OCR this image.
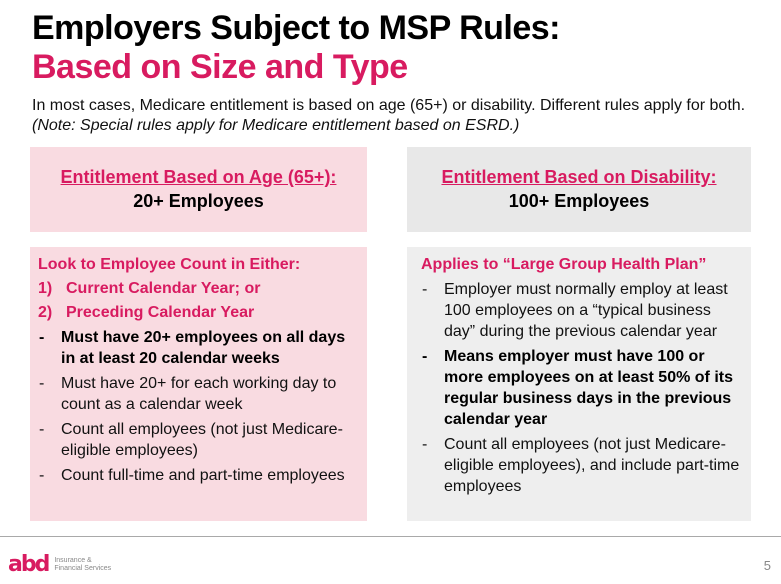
Employers Subject to MSP Rules:
Based on Size and Type
In most cases, Medicare entitlement is based on age (65+) or disability. Different rules apply for both. (Note: Special rules apply for Medicare entitlement based on ESRD.)
Entitlement Based on Age (65+):
20+ Employees
Entitlement Based on Disability:
100+ Employees
Look to Employee Count in Either:
1) Current Calendar Year; or
2) Preceding Calendar Year
-	Must have 20+ employees on all days in at least 20 calendar weeks
-	Must have 20+ for each working day to count as a calendar week
-	Count all employees (not just Medicare-eligible employees)
-	Count full-time and part-time employees
Applies to “Large Group Health Plan”
-	Employer must normally employ at least 100 employees on a “typical business day” during the previous calendar year
-	Means employer must have 100 or more employees on at least 50% of its regular business days in the previous calendar year
-	Count all employees (not just Medicare-eligible employees), and include part-time employees
abd Insurance &
Financial Services	5
